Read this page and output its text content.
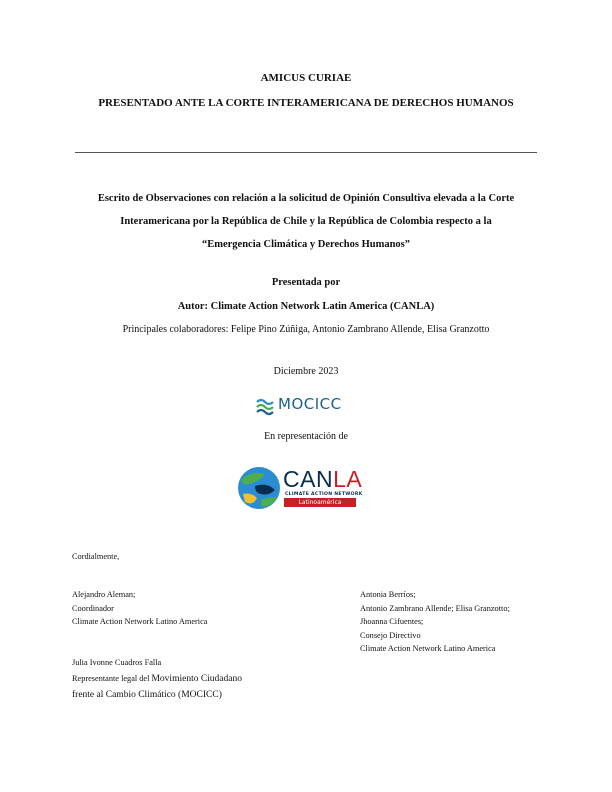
AMICUS CURIAE
PRESENTADO ANTE LA CORTE INTERAMERICANA DE DERECHOS HUMANOS
Escrito de Observaciones con relación a la solicitud de Opinión Consultiva elevada a la Corte
Interamericana por la República de Chile y la República de Colombia respecto a la
“Emergencia Climática y Derechos Humanos”
Presentada por
Autor: Climate Action Network Latin America (CANLA)
Principales colaboradores: Felipe Pino Zúñiga, Antonio Zambrano Allende, Elisa Granzotto
Diciembre 2023
MOCICC
En representación de
CANLA
CLIMATE ACTION NETWORK
Latinoamérica
Cordialmente,
Alejandro Aleman;
Coordinador
Climate Action Network Latino America
Antonia Berríos;
Antonio Zambrano Allende; Elisa Granzotto;
Jhoanna Cifuentes;
Consejo Directivo
Climate Action Network Latino America
Julia Ivonne Cuadros Falla
Representante legal del Movimiento Ciudadano
frente al Cambio Climático (MOCICC)
